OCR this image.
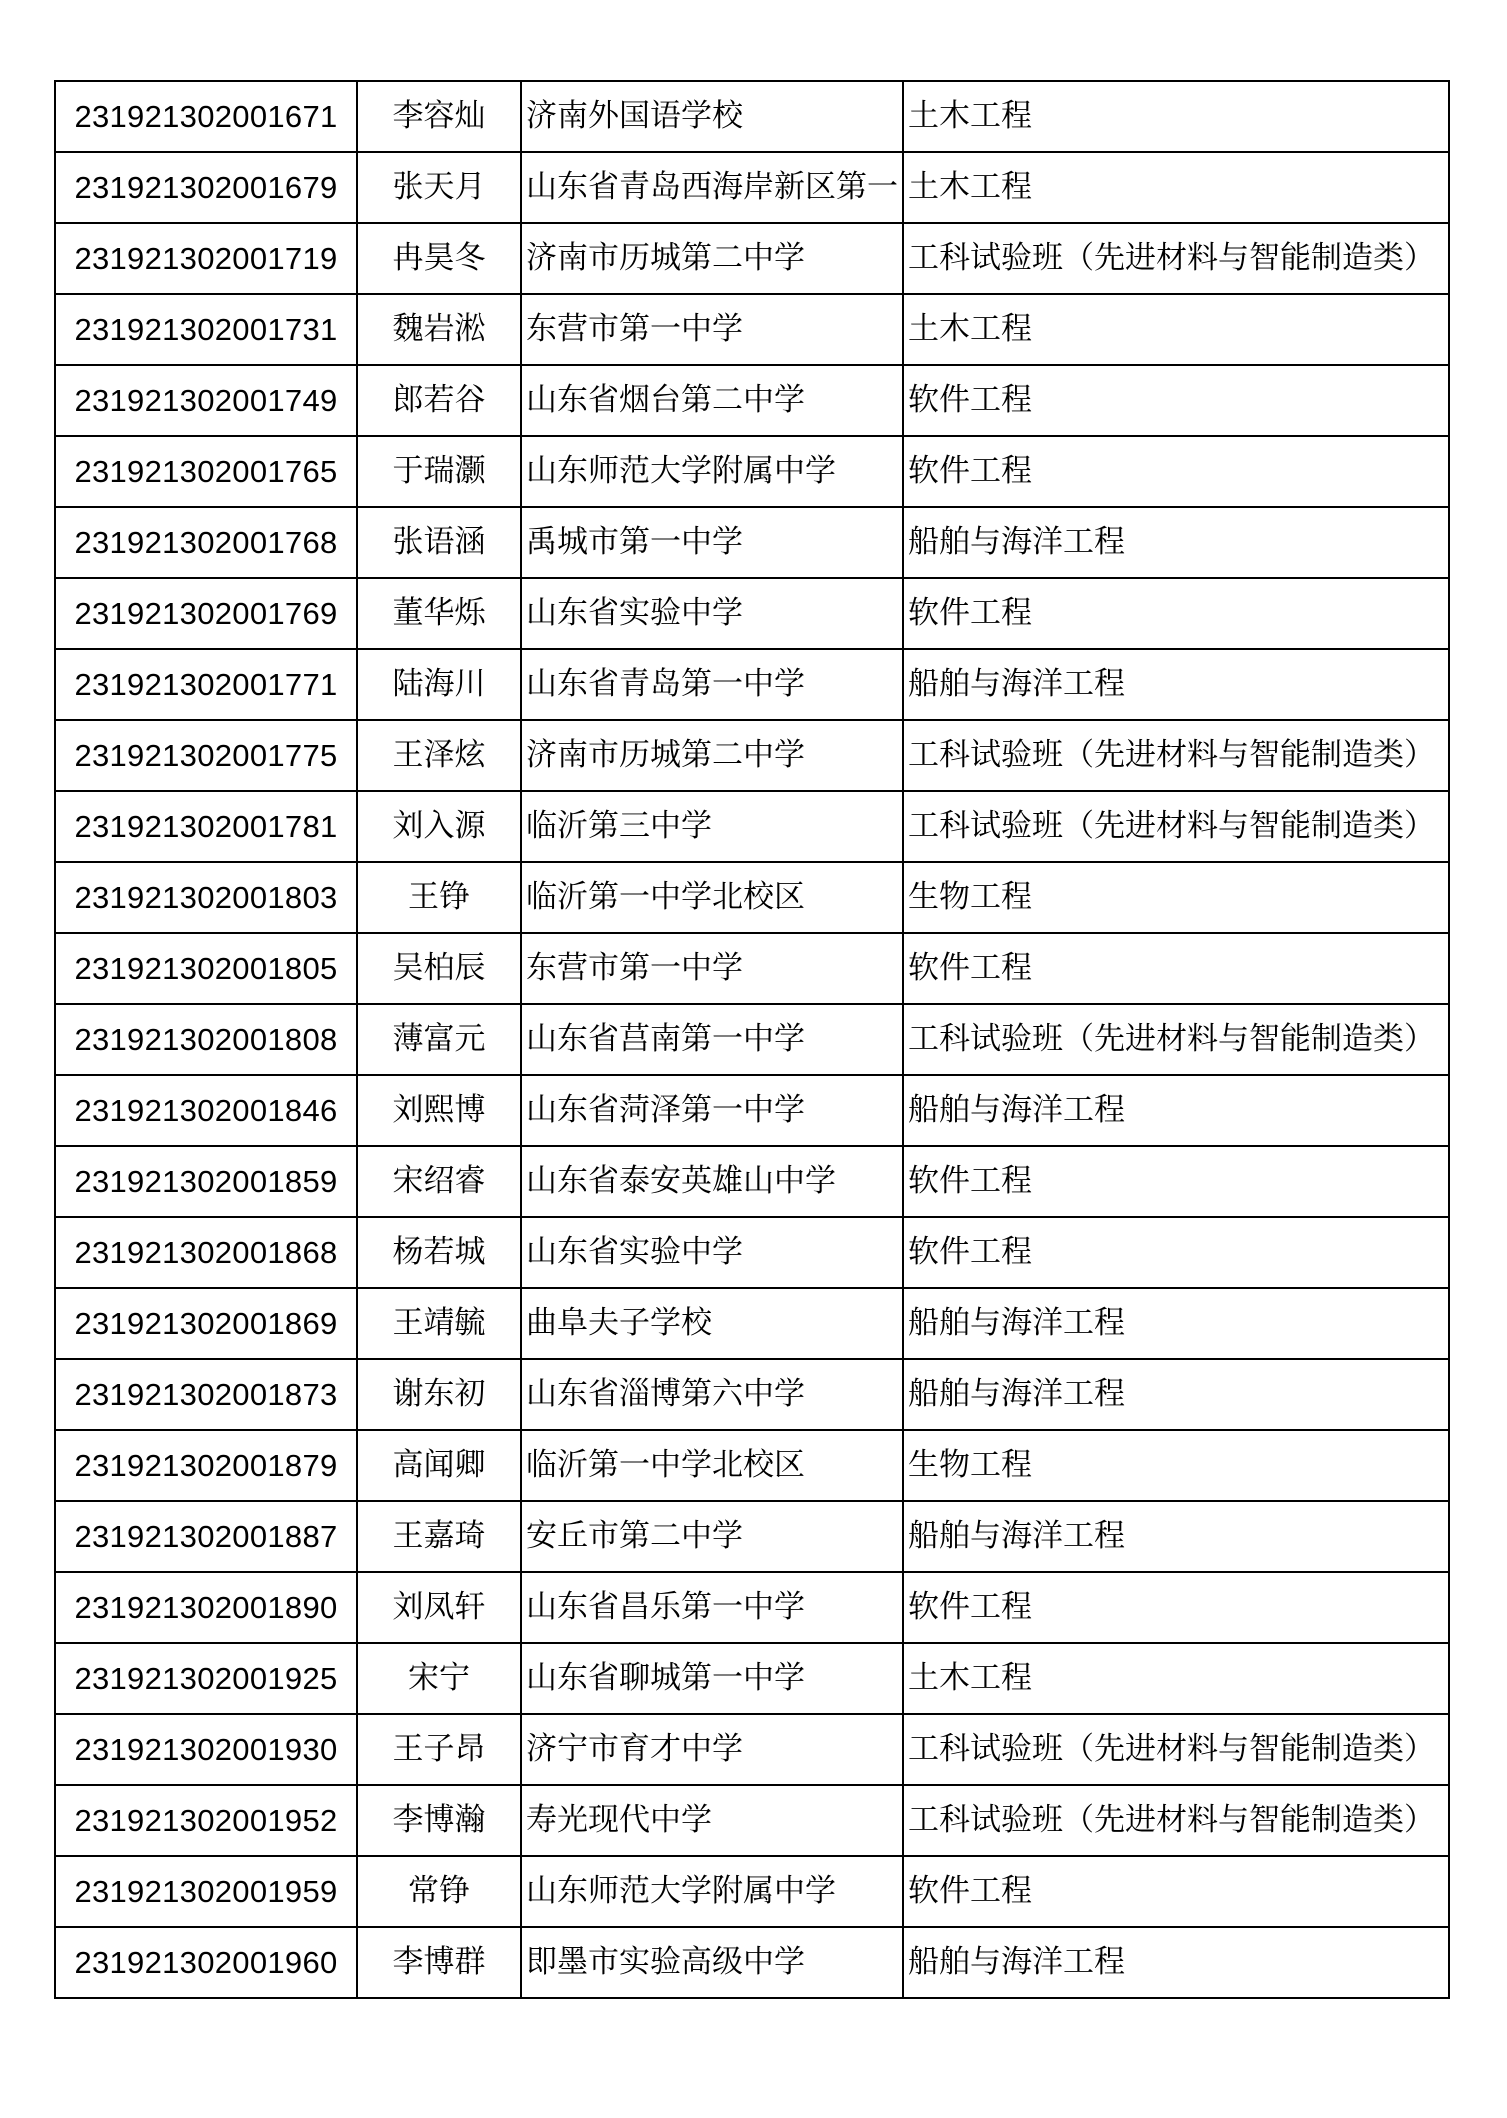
231921302001671	李容灿	济南外国语学校	土木工程
231921302001679	张天月	山东省青岛西海岸新区第一	土木工程
231921302001719	冉昊冬	济南市历城第二中学	工科试验班（先进材料与智能制造类）
231921302001731	魏岩淞	东营市第一中学	土木工程
231921302001749	郎若谷	山东省烟台第二中学	软件工程
231921302001765	于瑞灏	山东师范大学附属中学	软件工程
231921302001768	张语涵	禹城市第一中学	船舶与海洋工程
231921302001769	董华烁	山东省实验中学	软件工程
231921302001771	陆海川	山东省青岛第一中学	船舶与海洋工程
231921302001775	王泽炫	济南市历城第二中学	工科试验班（先进材料与智能制造类）
231921302001781	刘入源	临沂第三中学	工科试验班（先进材料与智能制造类）
231921302001803	王铮	临沂第一中学北校区	生物工程
231921302001805	吴柏辰	东营市第一中学	软件工程
231921302001808	薄富元	山东省莒南第一中学	工科试验班（先进材料与智能制造类）
231921302001846	刘熙博	山东省菏泽第一中学	船舶与海洋工程
231921302001859	宋绍睿	山东省泰安英雄山中学	软件工程
231921302001868	杨若城	山东省实验中学	软件工程
231921302001869	王靖毓	曲阜夫子学校	船舶与海洋工程
231921302001873	谢东初	山东省淄博第六中学	船舶与海洋工程
231921302001879	高闻卿	临沂第一中学北校区	生物工程
231921302001887	王嘉琦	安丘市第二中学	船舶与海洋工程
231921302001890	刘凤轩	山东省昌乐第一中学	软件工程
231921302001925	宋宁	山东省聊城第一中学	土木工程
231921302001930	王子昂	济宁市育才中学	工科试验班（先进材料与智能制造类）
231921302001952	李博瀚	寿光现代中学	工科试验班（先进材料与智能制造类）
231921302001959	常铮	山东师范大学附属中学	软件工程
231921302001960	李博群	即墨市实验高级中学	船舶与海洋工程
